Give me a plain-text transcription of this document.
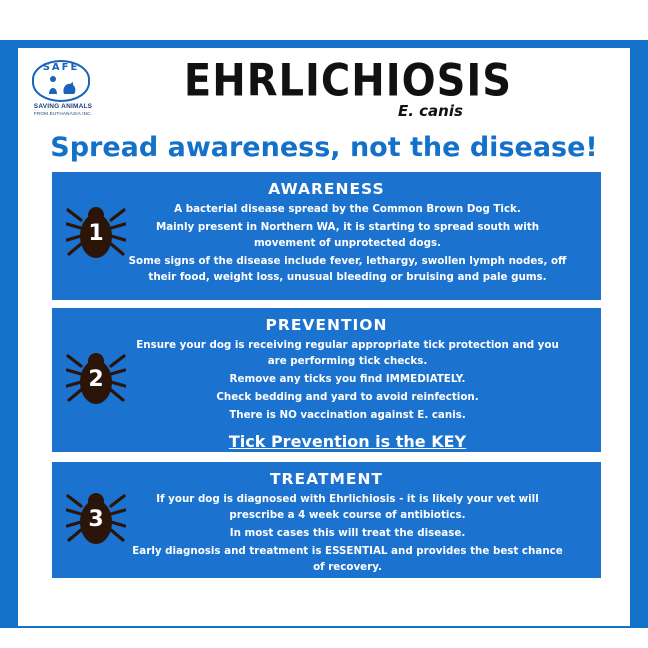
SAFE
SAVING ANIMALS
FROM EUTHANASIA INC.
EHRLICHIOSIS
E. canis
Spread awareness, not the disease!
1
AWARENESS

A bacterial disease spread by the Common Brown Dog Tick.

Mainly present in Northern WA, it is starting to spread south with movement of unprotected dogs.

Some signs of the disease include fever, lethargy, swollen lymph nodes, off their food, weight loss, unusual bleeding or bruising and pale gums.

2
PREVENTION

Ensure your dog is receiving regular appropriate tick protection and you are performing tick checks.

Remove any ticks you find IMMEDIATELY.

Check bedding and yard to avoid reinfection.

There is NO vaccination against E. canis.

Tick Prevention is the KEY
3
TREATMENT

If your dog is diagnosed with Ehrlichiosis - it is likely your vet will prescribe a 4 week course of antibiotics.

In most cases this will treat the disease.

Early diagnosis and treatment is ESSENTIAL and provides the best chance of recovery.
